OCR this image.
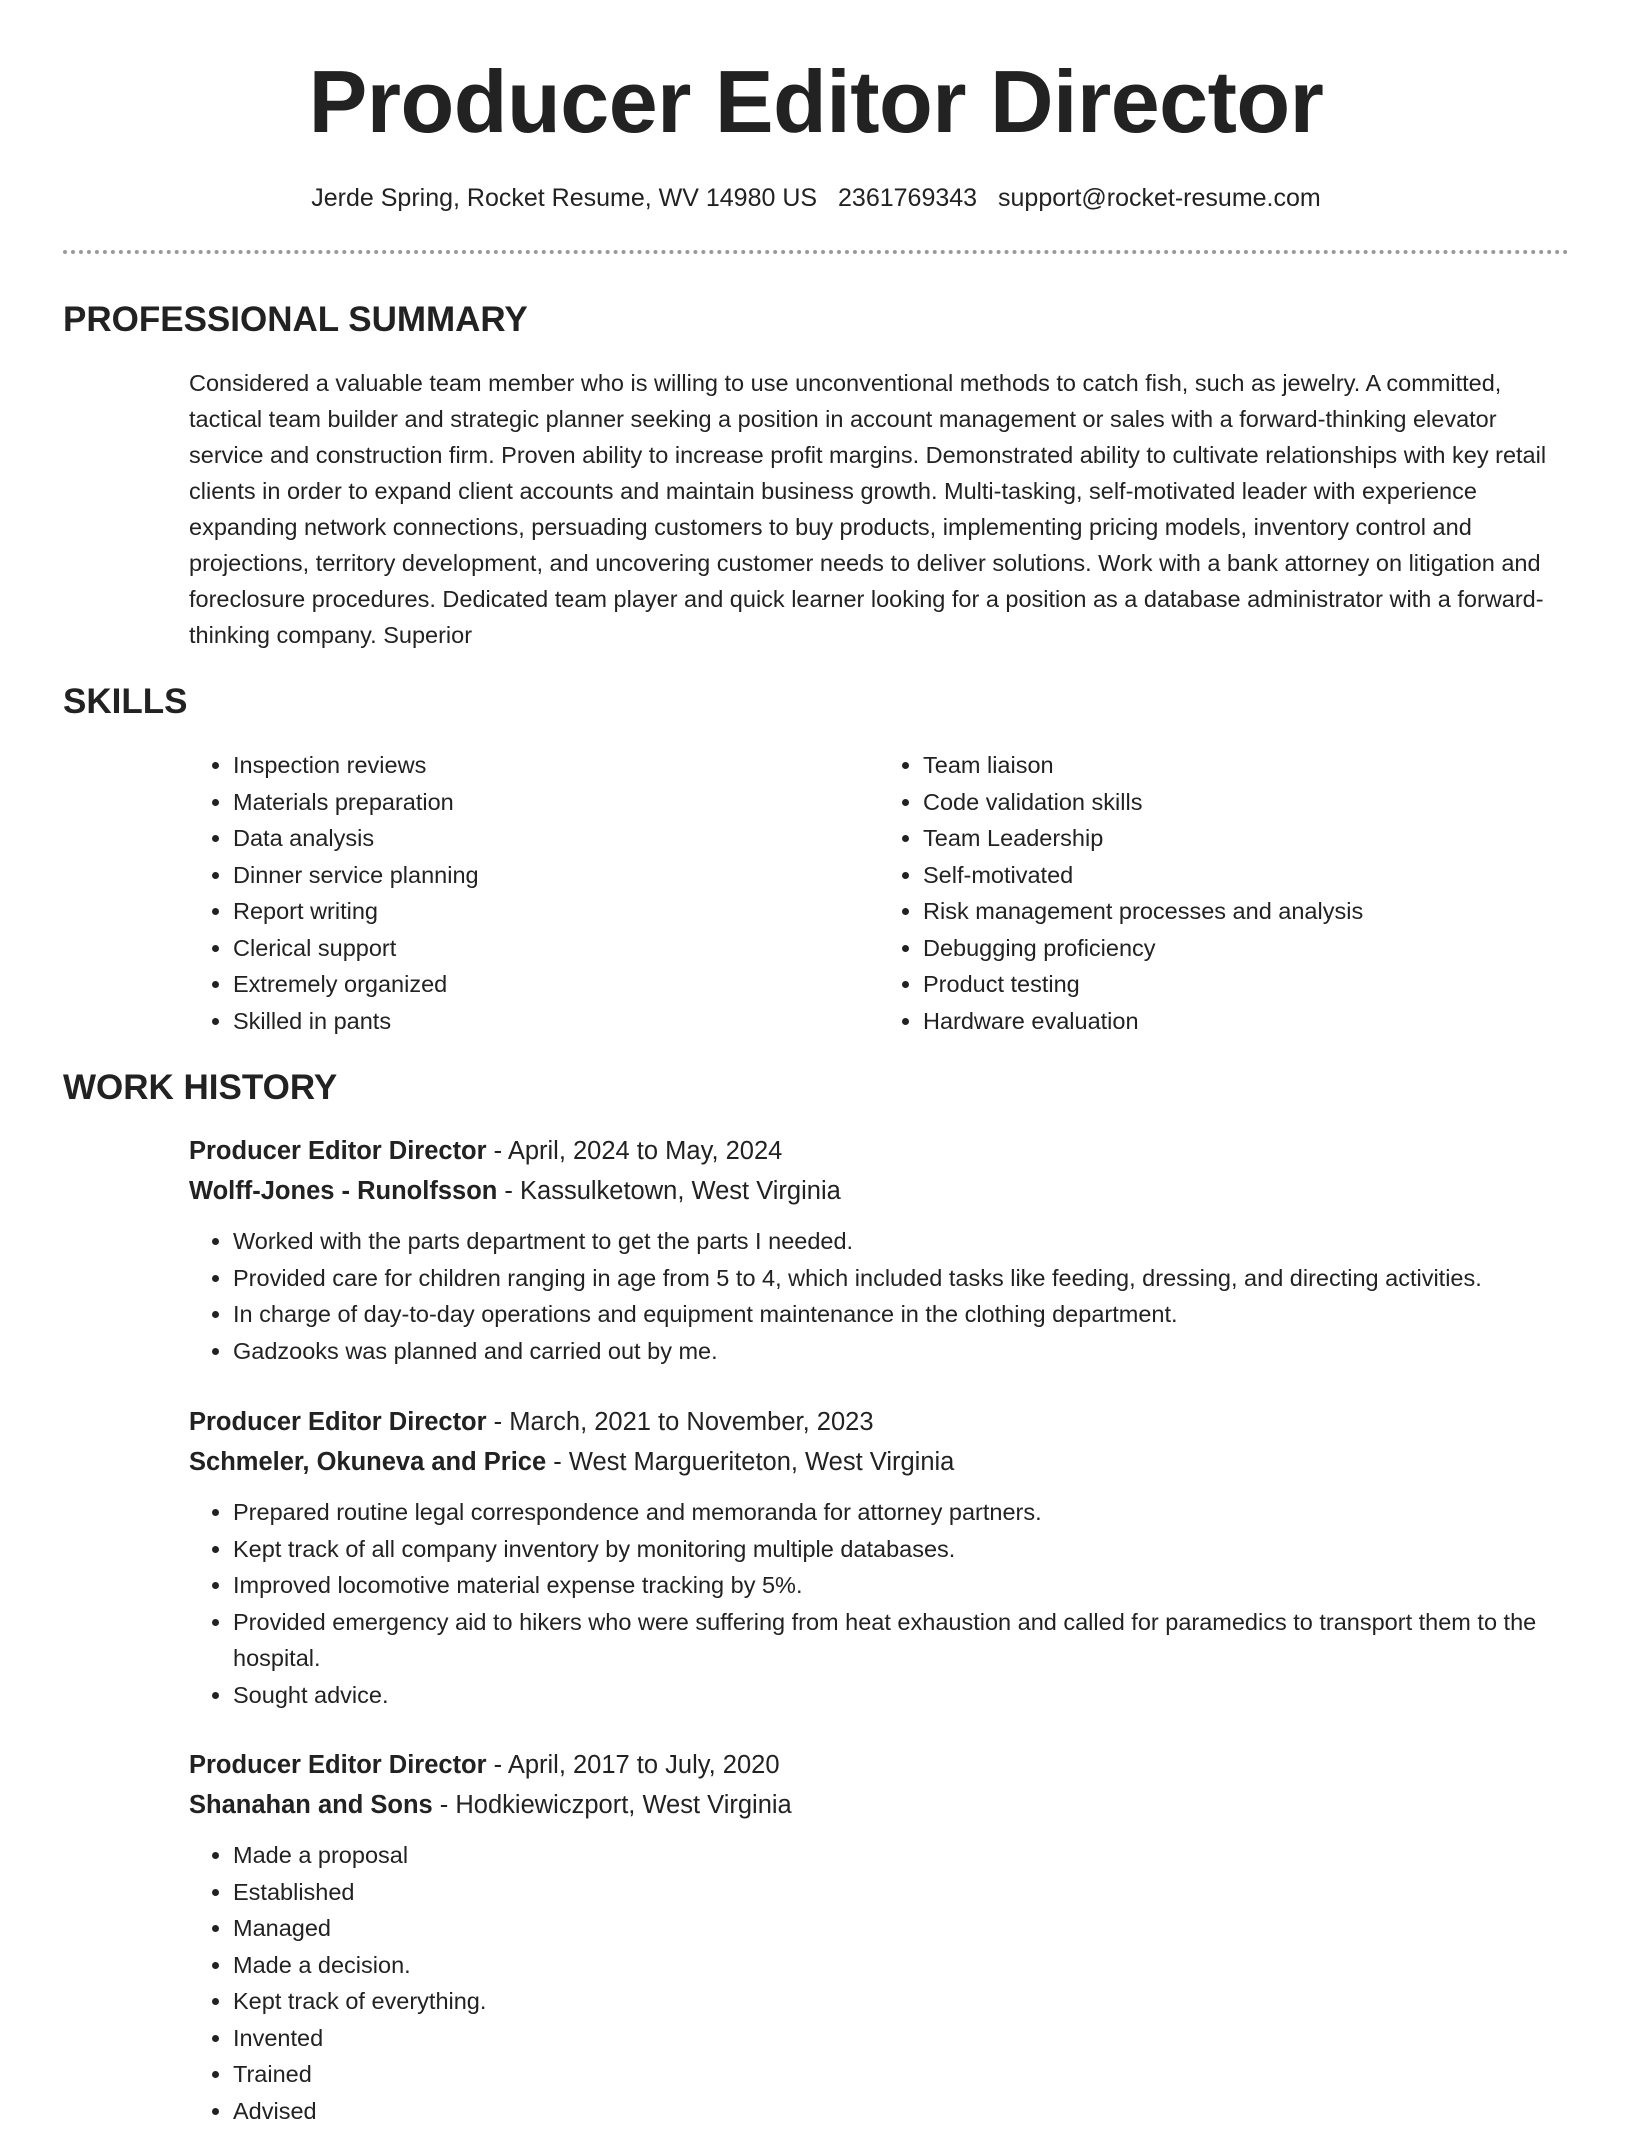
Producer Editor Director
Jerde Spring, Rocket Resume, WV 14980 US 2361769343 support@rocket-resume.com
PROFESSIONAL SUMMARY

Considered a valuable team member who is willing to use unconventional methods to catch fish, such as jewelry. A committed, tactical team builder and strategic planner seeking a position in account management or sales with a forward-thinking elevator service and construction firm. Proven ability to increase profit margins. Demonstrated ability to cultivate relationships with key retail clients in order to expand client accounts and maintain business growth. Multi-tasking, self-motivated leader with experience expanding network connections, persuading customers to buy products, implementing pricing models, inventory control and projections, territory development, and uncovering customer needs to deliver solutions. Work with a bank attorney on litigation and foreclosure procedures. Dedicated team player and quick learner looking for a position as a database administrator with a forward-thinking company. Superior

SKILLS
• Inspection reviews
• Materials preparation
• Data analysis
• Dinner service planning
• Report writing
• Clerical support
• Extremely organized
• Skilled in pants
• Team liaison
• Code validation skills
• Team Leadership
• Self-motivated
• Risk management processes and analysis
• Debugging proficiency
• Product testing
• Hardware evaluation
WORK HISTORY
Producer Editor Director - April, 2024 to May, 2024
Wolff-Jones - Runolfsson - Kassulketown, West Virginia
• Worked with the parts department to get the parts I needed.
• Provided care for children ranging in age from 5 to 4, which included tasks like feeding, dressing, and directing activities.
• In charge of day-to-day operations and equipment maintenance in the clothing department.
• Gadzooks was planned and carried out by me.
Producer Editor Director - March, 2021 to November, 2023
Schmeler, Okuneva and Price - West Margueriteton, West Virginia
• Prepared routine legal correspondence and memoranda for attorney partners.
• Kept track of all company inventory by monitoring multiple databases.
• Improved locomotive material expense tracking by 5%.
• Provided emergency aid to hikers who were suffering from heat exhaustion and called for paramedics to transport them to the hospital.
• Sought advice.
Producer Editor Director - April, 2017 to July, 2020
Shanahan and Sons - Hodkiewiczport, West Virginia
• Made a proposal
• Established
• Managed
• Made a decision.
• Kept track of everything.
• Invented
• Trained
• Advised
